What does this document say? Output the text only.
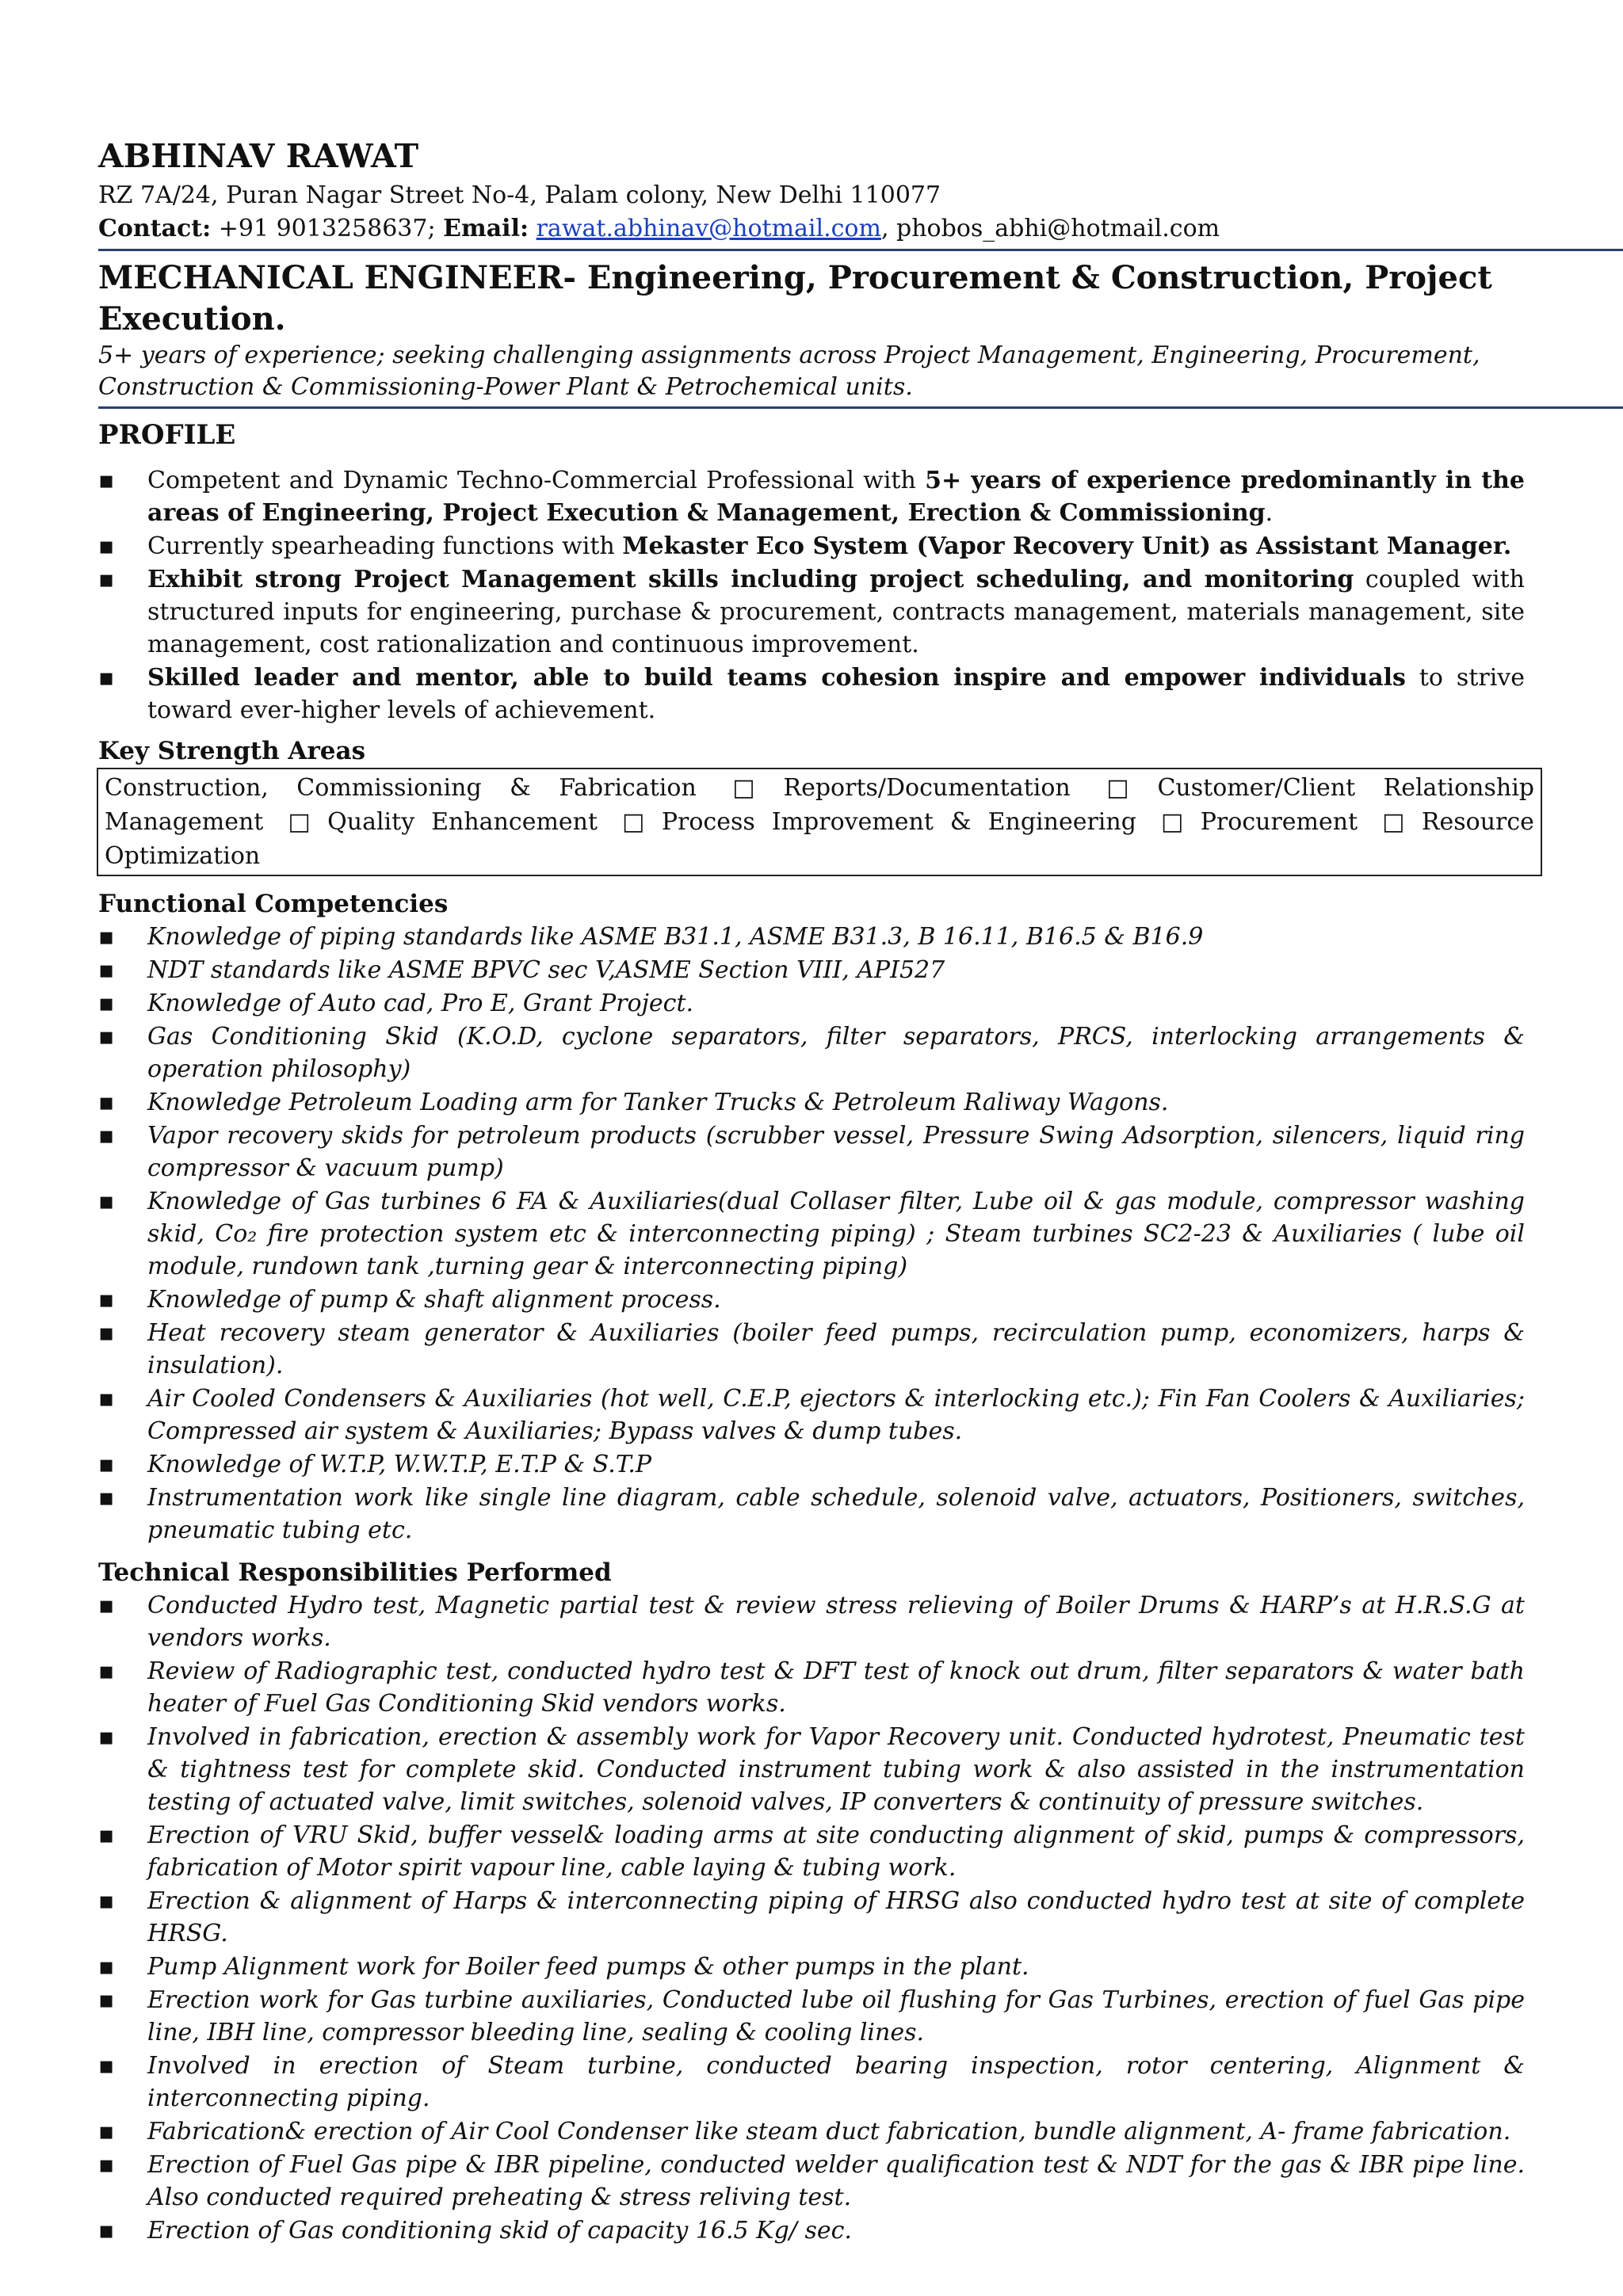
ABHINAV RAWAT
RZ 7A/24, Puran Nagar Street No-4, Palam colony, New Delhi 110077
Contact: +91 9013258637; Email: rawat.abhinav@hotmail.com, phobos_abhi@hotmail.com
MECHANICAL ENGINEER- Engineering, Procurement & Construction, Project Execution.
5+ years of experience; seeking challenging assignments across Project Management, Engineering, Procurement, Construction & Commissioning-Power Plant & Petrochemical units.
PROFILE
▪ Competent and Dynamic Techno-Commercial Professional with 5+ years of experience predominantly in the areas of Engineering, Project Execution & Management, Erection & Commissioning.
▪ Currently spearheading functions with Mekaster Eco System (Vapor Recovery Unit) as Assistant Manager.
▪ Exhibit strong Project Management skills including project scheduling, and monitoring coupled with structured inputs for engineering, purchase & procurement, contracts management, materials management, site management, cost rationalization and continuous improvement.
▪ Skilled leader and mentor, able to build teams cohesion inspire and empower individuals to strive toward ever-higher levels of achievement.
Key Strength Areas
Construction, Commissioning & Fabrication □ Reports/Documentation □ Customer/Client Relationship Management □ Quality Enhancement □ Process Improvement & Engineering □ Procurement □ Resource Optimization
Functional Competencies
▪ Knowledge of piping standards like ASME B31.1, ASME B31.3, B 16.11, B16.5 & B16.9
▪ NDT standards like ASME BPVC sec V,ASME Section VIII, API527
▪ Knowledge of Auto cad, Pro E, Grant Project.
▪ Gas Conditioning Skid (K.O.D, cyclone separators, filter separators, PRCS, interlocking arrangements & operation philosophy)
▪ Knowledge Petroleum Loading arm for Tanker Trucks & Petroleum Raliway Wagons.
▪ Vapor recovery skids for petroleum products (scrubber vessel, Pressure Swing Adsorption, silencers, liquid ring compressor & vacuum pump)
▪ Knowledge of Gas turbines 6 FA & Auxiliaries(dual Collaser filter, Lube oil & gas module, compressor washing skid, Co₂ fire protection system etc & interconnecting piping) ; Steam turbines SC2-23 & Auxiliaries ( lube oil module, rundown tank ,turning gear & interconnecting piping)
▪ Knowledge of pump & shaft alignment process.
▪ Heat recovery steam generator & Auxiliaries (boiler feed pumps, recirculation pump, economizers, harps & insulation).
▪ Air Cooled Condensers & Auxiliaries (hot well, C.E.P, ejectors & interlocking etc.); Fin Fan Coolers & Auxiliaries; Compressed air system & Auxiliaries; Bypass valves & dump tubes.
▪ Knowledge of W.T.P, W.W.T.P, E.T.P & S.T.P
▪ Instrumentation work like single line diagram, cable schedule, solenoid valve, actuators, Positioners, switches, pneumatic tubing etc.
Technical Responsibilities Performed
▪ Conducted Hydro test, Magnetic partial test & review stress relieving of Boiler Drums & HARP’s at H.R.S.G at vendors works.
▪ Review of Radiographic test, conducted hydro test & DFT test of knock out drum, filter separators & water bath heater of Fuel Gas Conditioning Skid vendors works.
▪ Involved in fabrication, erection & assembly work for Vapor Recovery unit. Conducted hydrotest, Pneumatic test & tightness test for complete skid. Conducted instrument tubing work & also assisted in the instrumentation testing of actuated valve, limit switches, solenoid valves, IP converters & continuity of pressure switches.
▪ Erection of VRU Skid, buffer vessel& loading arms at site conducting alignment of skid, pumps & compressors, fabrication of Motor spirit vapour line, cable laying & tubing work.
▪ Erection & alignment of Harps & interconnecting piping of HRSG also conducted hydro test at site of complete HRSG.
▪ Pump Alignment work for Boiler feed pumps & other pumps in the plant.
▪ Erection work for Gas turbine auxiliaries, Conducted lube oil flushing for Gas Turbines, erection of fuel Gas pipe line, IBH line, compressor bleeding line, sealing & cooling lines.
▪ Involved in erection of Steam turbine, conducted bearing inspection, rotor centering, Alignment & interconnecting piping.
▪ Fabrication& erection of Air Cool Condenser like steam duct fabrication, bundle alignment, A- frame fabrication.
▪ Erection of Fuel Gas pipe & IBR pipeline, conducted welder qualification test & NDT for the gas & IBR pipe line. Also conducted required preheating & stress reliving test.
▪ Erection of Gas conditioning skid of capacity 16.5 Kg/ sec.
